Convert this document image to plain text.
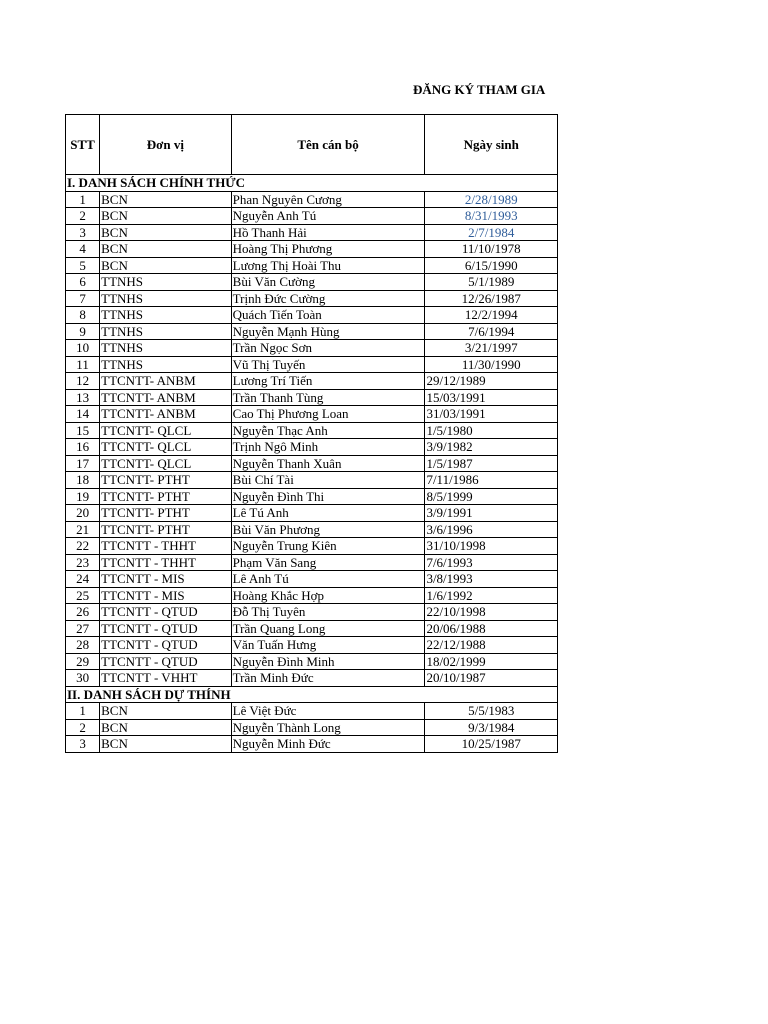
ĐĂNG KÝ THAM GIA
STT	Đơn vị	Tên cán bộ	Ngày sinh
I. DANH SÁCH CHÍNH THỨC			
1	BCN	Phan Nguyên Cương	2/28/1989
2	BCN	Nguyễn Anh Tú	8/31/1993
3	BCN	Hồ Thanh Hải	2/7/1984
4	BCN	Hoàng Thị Phương	11/10/1978
5	BCN	Lương Thị Hoài Thu	6/15/1990
6	TTNHS	Bùi Văn Cường	5/1/1989
7	TTNHS	Trịnh Đức Cường	12/26/1987
8	TTNHS	Quách Tiến Toàn	12/2/1994
9	TTNHS	Nguyễn Mạnh Hùng	7/6/1994
10	TTNHS	Trần Ngọc Sơn	3/21/1997
11	TTNHS	Vũ Thị Tuyến	11/30/1990
12	TTCNTT- ANBM	Lương Trí Tiến	29/12/1989
13	TTCNTT- ANBM	Trần Thanh Tùng	15/03/1991
14	TTCNTT- ANBM	Cao Thị Phương Loan	31/03/1991
15	TTCNTT- QLCL	Nguyễn Thạc Anh	1/5/1980
16	TTCNTT- QLCL	Trịnh Ngô Minh	3/9/1982
17	TTCNTT- QLCL	Nguyễn Thanh Xuân	1/5/1987
18	TTCNTT- PTHT	Bùi Chí Tài	7/11/1986
19	TTCNTT- PTHT	Nguyễn Đình Thi	8/5/1999
20	TTCNTT- PTHT	Lê Tú Anh	3/9/1991
21	TTCNTT- PTHT	Bùi Văn Phương	3/6/1996
22	TTCNTT - THHT	Nguyễn Trung Kiên	31/10/1998
23	TTCNTT - THHT	Phạm Văn Sang	7/6/1993
24	TTCNTT - MIS	Lê Anh Tú	3/8/1993
25	TTCNTT - MIS	Hoàng Khắc Hợp	1/6/1992
26	TTCNTT - QTUD	Đỗ Thị Tuyên	22/10/1998
27	TTCNTT - QTUD	Trần Quang Long	20/06/1988
28	TTCNTT - QTUD	Văn Tuấn Hưng	22/12/1988
29	TTCNTT - QTUD	Nguyễn Đình Minh	18/02/1999
30	TTCNTT - VHHT	Trần Minh Đức	20/10/1987
II. DANH SÁCH DỰ THÍNH			
1	BCN	Lê Việt Đức	5/5/1983
2	BCN	Nguyễn Thành Long	9/3/1984
3	BCN	Nguyễn Minh Đức	10/25/1987
